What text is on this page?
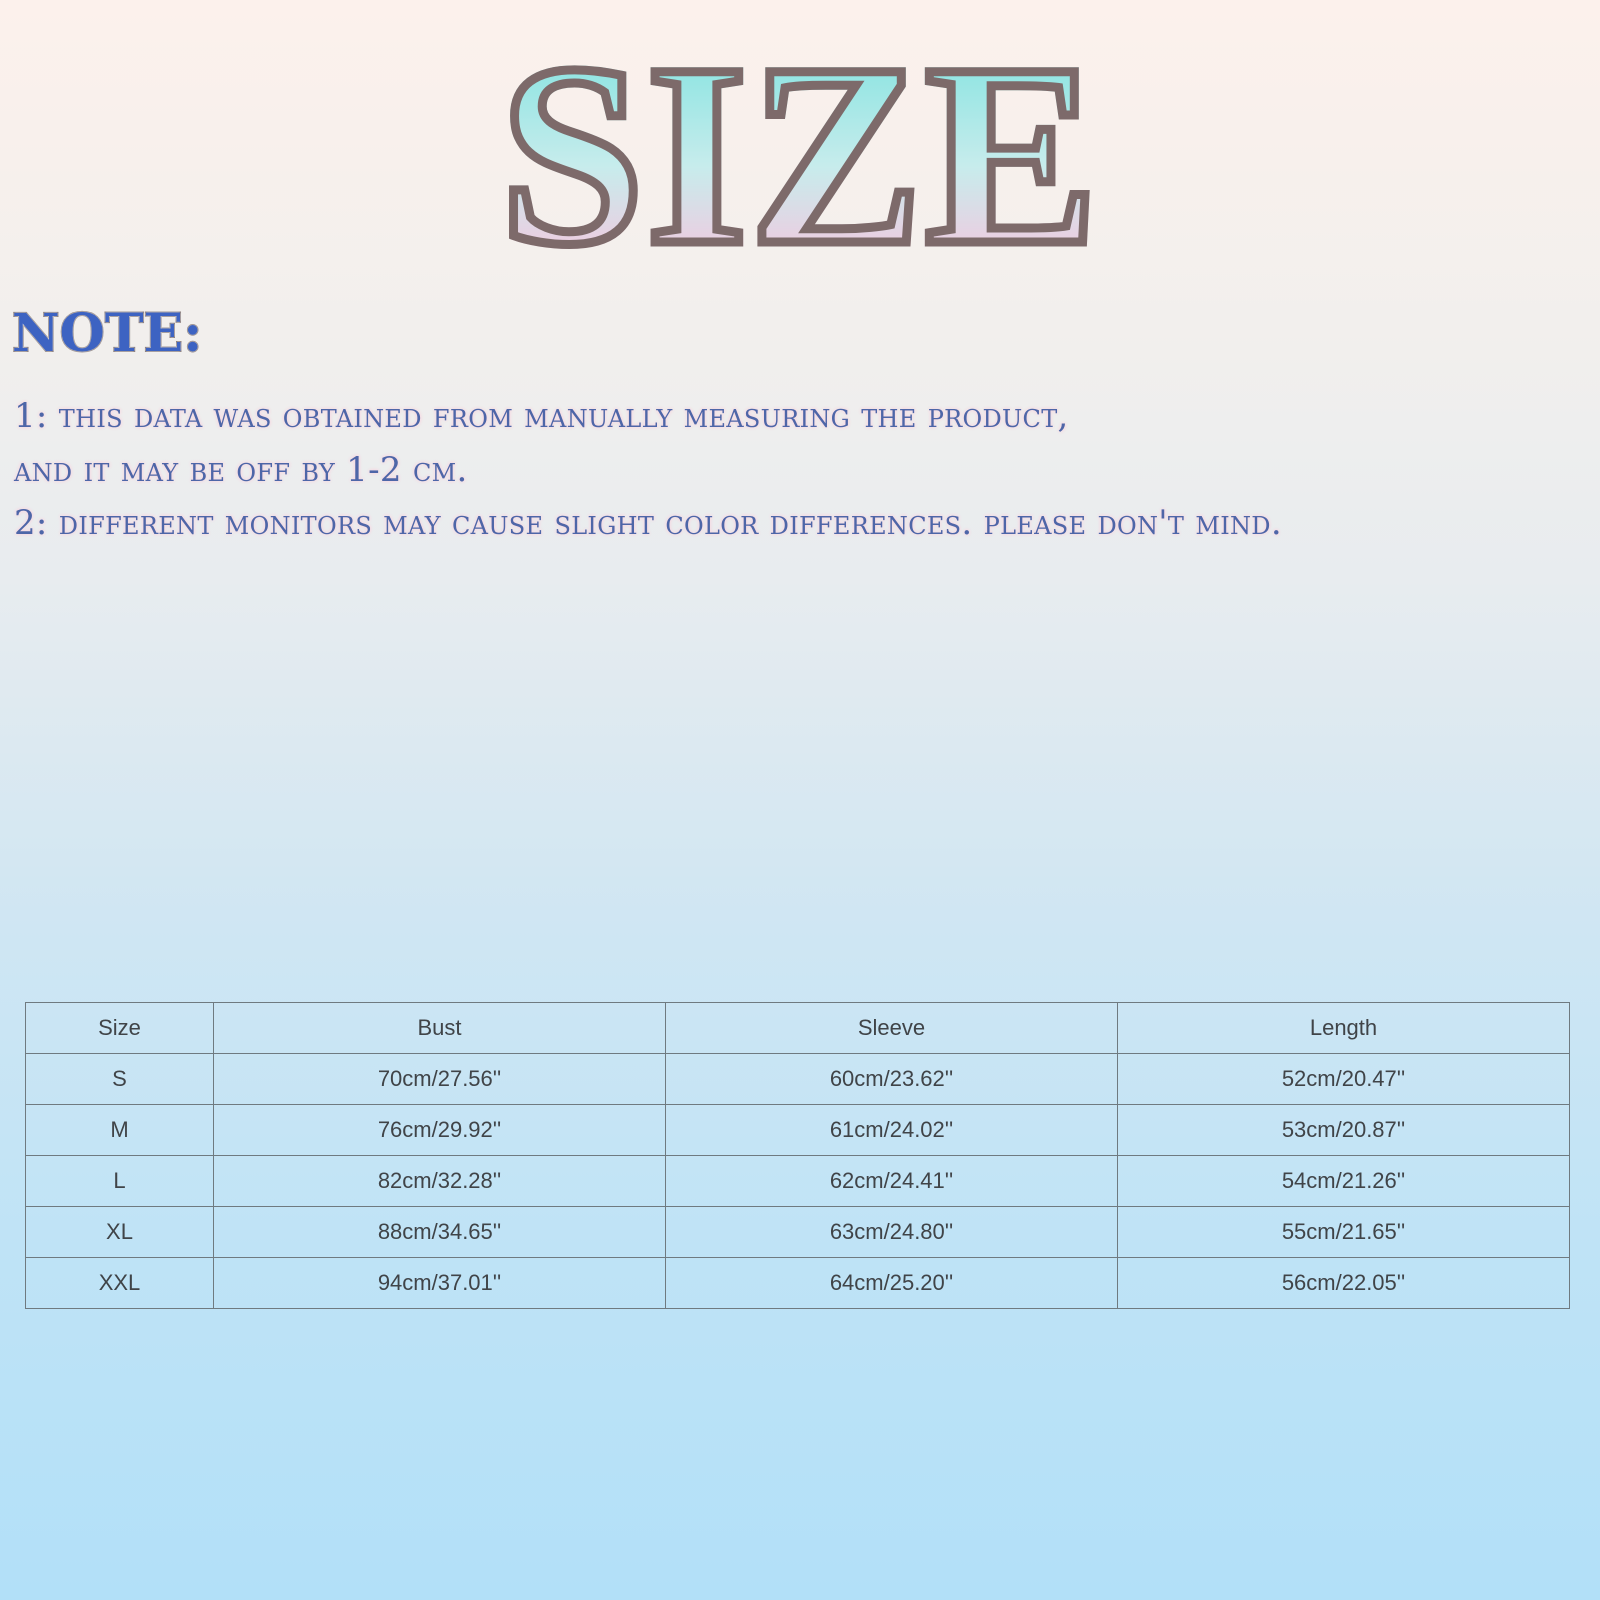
SIZE
NOTE:
1: this data was obtained from manually measuring the product,
and it may be off by 1-2 cm.
2: different monitors may cause slight color differences. please don't mind.
Size	Bust	Sleeve	Length
S	70cm/27.56''	60cm/23.62''	52cm/20.47''
M	76cm/29.92''	61cm/24.02''	53cm/20.87''
L	82cm/32.28''	62cm/24.41''	54cm/21.26''
XL	88cm/34.65''	63cm/24.80''	55cm/21.65''
XXL	94cm/37.01''	64cm/25.20''	56cm/22.05''
